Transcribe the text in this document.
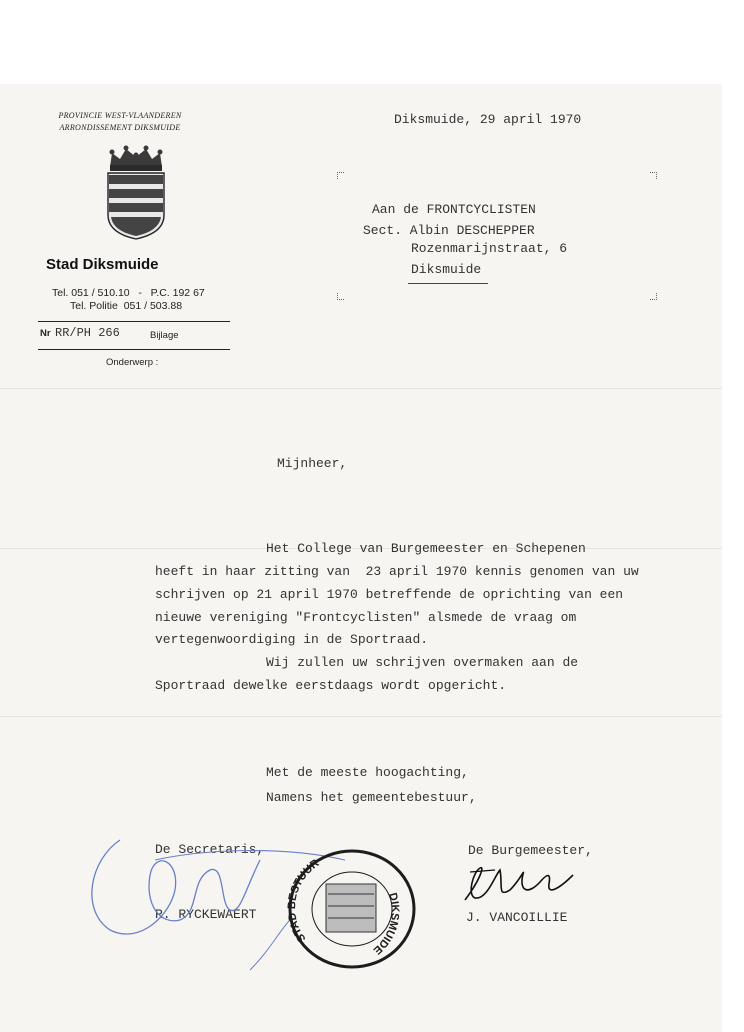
PROVINCIE WEST-VLAANDEREN
ARRONDISSEMENT DIKSMUIDE
Stad Diksmuide
Tel. 051 / 510.10   -   P.C. 192 67
Tel. Politie  051 / 503.88
Nr RR/PH 266	Bijlage
Onderwerp :
Diksmuide, 29 april 1970
Aan de FRONTCYCLISTEN
Sect. Albin DESCHEPPER
Rozenmarijnstraat, 6
Diksmuide
Mijnheer,
Het College van Burgemeester en Schepenen
heeft in haar zitting van  23 april 1970 kennis genomen van uw
schrijven op 21 april 1970 betreffende de oprichting van een
nieuwe vereniging "Frontcyclisten" alsmede de vraag om
vertegenwoordiging in de Sportraad.
Wij zullen uw schrijven overmaken aan de
Sportraad dewelke eerstdaags wordt opgericht.
Met de meeste hoogachting,
Namens het gemeentebestuur,
De Secretaris,	De Burgemeester,
R. RYCKEWAERT	J. VANCOILLIE
STAD BESTUUR
DIKSMUIDE
